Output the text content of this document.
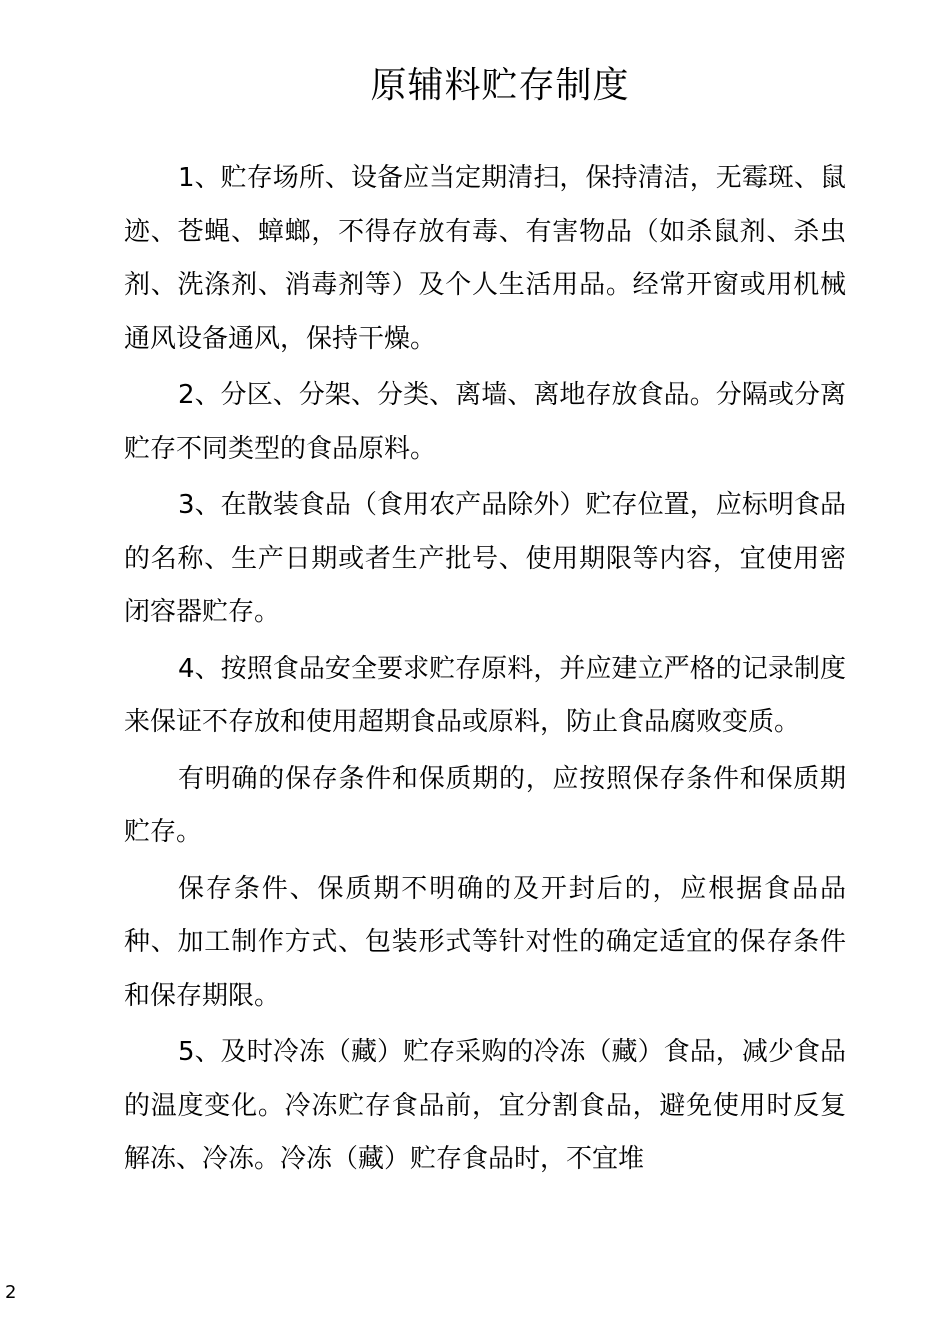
原辅料贮存制度

1、贮存场所、设备应当定期清扫，保持清洁，无霉斑、鼠迹、苍蝇、蟑螂，不得存放有毒、有害物品（如杀鼠剂、杀虫剂、洗涤剂、消毒剂等）及个人生活用品。经常开窗或用机械通风设备通风，保持干燥。

2、分区、分架、分类、离墙、离地存放食品。分隔或分离贮存不同类型的食品原料。

3、在散装食品（食用农产品除外）贮存位置，应标明食品的名称、生产日期或者生产批号、使用期限等内容，宜使用密闭容器贮存。

4、按照食品安全要求贮存原料，并应建立严格的记录制度来保证不存放和使用超期食品或原料，防止食品腐败变质。

有明确的保存条件和保质期的，应按照保存条件和保质期贮存。

保存条件、保质期不明确的及开封后的，应根据食品品种、加工制作方式、包装形式等针对性的确定适宜的保存条件和保存期限。

5、及时冷冻（藏）贮存采购的冷冻（藏）食品，减少食品的温度变化。冷冻贮存食品前，宜分割食品，避免使用时反复解冻、冷冻。冷冻（藏）贮存食品时，不宜堆

2
